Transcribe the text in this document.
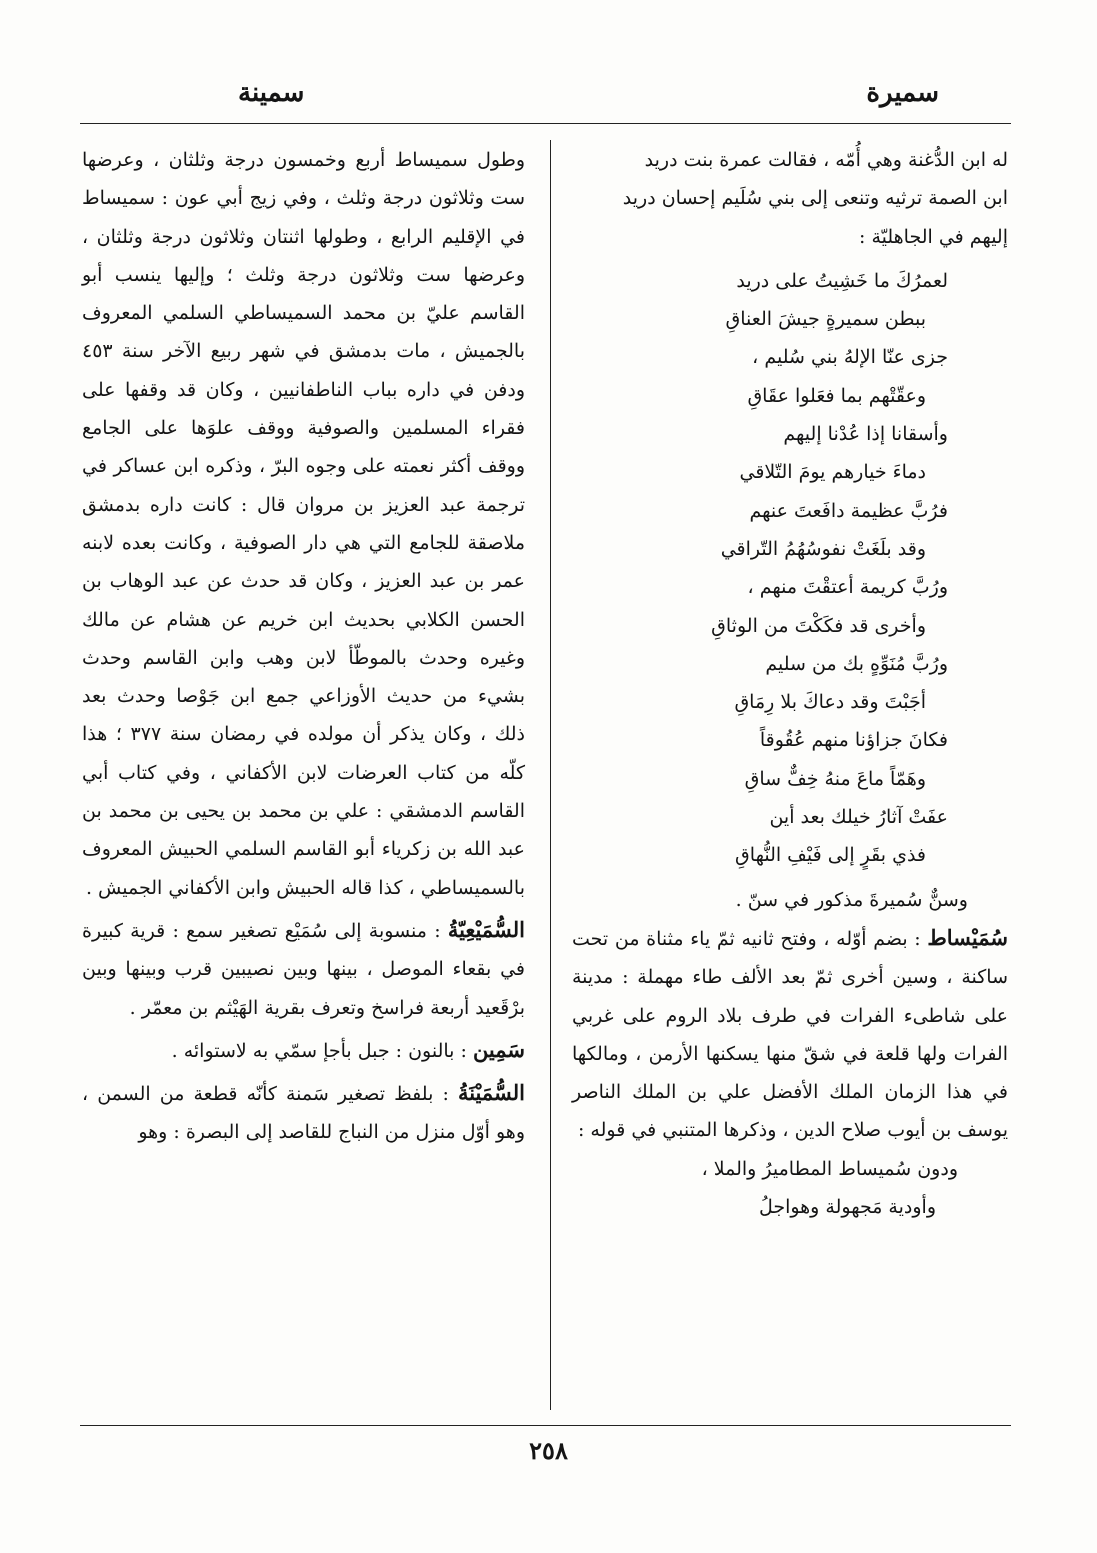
سميرة
سمينة

له ابن الدُّغنة وهي أُمّه ، فقالت عمرة بنت دريد

ابن الصمة ترثيه وتنعى إلى بني سُلَيم إحسان دريد

إليهم في الجاهليّة :

لعمرُكَ ما خَشِيتُ على دريد

ببطن سميرةٍ جيشَ العناقِ

جزى عنّا الإلهُ بني سُليم ،

وعقّتْهم بما فعَلوا عقَاقِ

وأسقانا إذا عُدْنا إليهم

دماءَ خيارهم يومَ التّلاقي

فرُبَّ عظيمة دافَعتَ عنهم

وقد بلَغَتْ نفوسُهُمُ التّراقي

ورُبَّ كريمة أعتقْتَ منهم ،

وأخرى قد فكَكْتَ من الوثاقِ

ورُبَّ مُنَوِّهٍ بك من سليم

أجَبْتَ وقد دعاكَ بلا رِمَاقِ

فكانَ جزاؤنا منهم عُقُوقاً

وهَمّاً ماعَ منهُ خِفٌّ ساقِ

عفَتْ آثارُ خيلك بعد أين

فذي بقَرٍ إلى فَيْفِ النُّهاقِ

وسنٌّ سُميرةَ مذكور في سنّ .

سُمَيْساط : بضم أوّله ، وفتح ثانيه ثمّ ياء مثناة من تحت ساكنة ، وسين أخرى ثمّ بعد الألف طاء مهملة : مدينة على شاطىء الفرات في طرف بلاد الروم على غربي الفرات ولها قلعة في شقّ منها يسكنها الأرمن ، ومالكها في هذا الزمان الملك الأفضل علي بن الملك الناصر يوسف بن أيوب صلاح الدين ، وذكرها المتنبي في قوله :

ودون سُميساط المطاميرُ والملا ،

وأودية مَجهولة وهواجلُ

وطول سميساط أربع وخمسون درجة وثلثان ، وعرضها ست وثلاثون درجة وثلث ، وفي زيج أبي عون : سميساط في الإقليم الرابع ، وطولها اثنتان وثلاثون درجة وثلثان ، وعرضها ست وثلاثون درجة وثلث ؛ وإليها ينسب أبو القاسم عليّ بن محمد السميساطي السلمي المعروف بالجميش ، مات بدمشق في شهر ربيع الآخر سنة ٤٥٣ ودفن في داره بباب الناطفانيين ، وكان قد وقفها على فقراء المسلمين والصوفية ووقف علوَها على الجامع ووقف أكثر نعمته على وجوه البرّ ، وذكره ابن عساكر في ترجمة عبد العزيز بن مروان قال : كانت داره بدمشق ملاصقة للجامع التي هي دار الصوفية ، وكانت بعده لابنه عمر بن عبد العزيز ، وكان قد حدث عن عبد الوهاب بن الحسن الكلابي بحديث ابن خريم عن هشام عن مالك وغيره وحدث بالموطّأ لابن وهب وابن القاسم وحدث بشيء من حديث الأوزاعي جمع ابن جَوْصا وحدث بعد ذلك ، وكان يذكر أن مولده في رمضان سنة ٣٧٧ ؛ هذا كلّه من كتاب العرضات لابن الأكفاني ، وفي كتاب أبي القاسم الدمشقي : علي بن محمد بن يحيى بن محمد بن عبد الله بن زكرياء أبو القاسم السلمي الحبيش المعروف بالسميساطي ، كذا قاله الحبيش وابن الأكفاني الجميش .

السُّمَيْعِيّةُ : منسوبة إلى سُمَيْع تصغير سمع : قرية كبيرة في بقعاء الموصل ، بينها وبين نصيبين قرب وبينها وبين برْقَعيد أربعة فراسخ وتعرف بقرية الهَيْثم بن معمّر .

سَمِين : بالنون : جبل بأجإ سمّي به لاستوائه .

السُّمَيْنَةُ : بلفظ تصغير سَمنة كأنّه قطعة من السمن ، وهو أوّل منزل من النباج للقاصد إلى البصرة : وهو

٢٥٨
